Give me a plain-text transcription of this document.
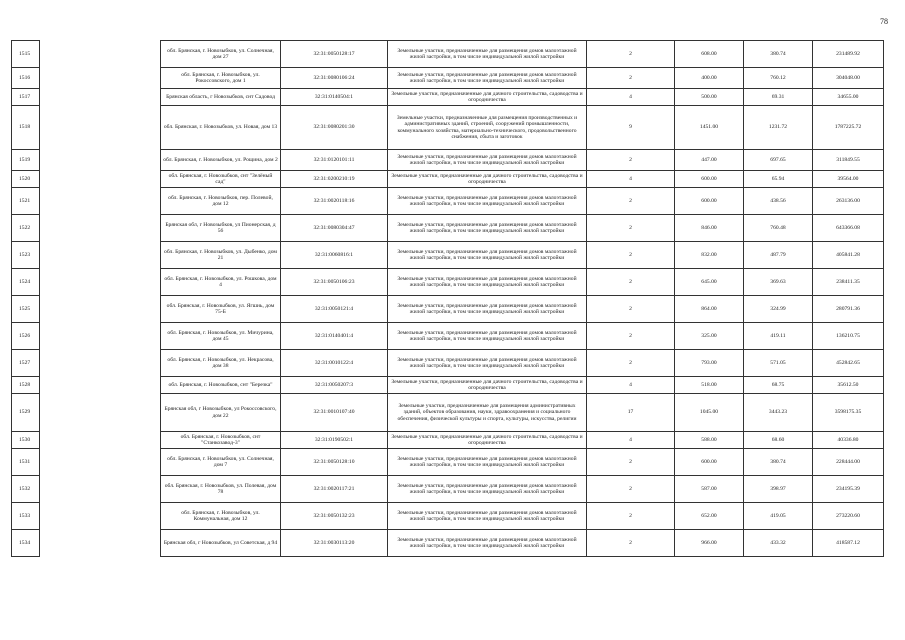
78
1515		обл. Брянская, г. Новозыбков, ул. Солнечная, дом 27	32:31:0050128:17	Земельные участки, предназначенные для размещения домов малоэтажной жилой застройки, в том числе индивидуальной жилой застройки	2	608.00	380.74	231489.92
1516		обл. Брянская, г. Новозыбков, ул. Рокоссовского, дом 1	32:31:0080106:24	Земельные участки, предназначенные для размещения домов малоэтажной жилой застройки, в том числе индивидуальной жилой застройки	2	400.00	760.12	304048.00
1517		Брянская область, г Новозыбков, снт Садовод	32:31:0140504:1	Земельные участки, предназначенные для дачного строительства, садоводства и огородничества	4	500.00	69.31	34655.00
1518		обл. Брянская, г. Новозыбков, ул. Новая, дом 13	32:31:0080201:30	Земельные участки, предназначенные для размещения производственных и административных зданий, строений, сооружений промышленности, коммунального хозяйства, материально-технического, продовольственного снабжения, сбыта и заготовок	9	1451.00	1231.72	1787225.72
1519		обл. Брянская, г. Новозыбков, ул. Рощина, дом 2	32:31:0120101:11	Земельные участки, предназначенные для размещения домов малоэтажной жилой застройки, в том числе индивидуальной жилой застройки	2	447.00	697.65	311849.55
1520		обл. Брянская, г. Новозыбков, снт "Зелёный сад"	32:31:0200210:19	Земельные участки, предназначенные для дачного строительства, садоводства и огородничества	4	600.00	65.94	39564.00
1521		обл. Брянская, г. Новозыбков, пер. Полевой, дом 12	32:31:0020118:16	Земельные участки, предназначенные для размещения домов малоэтажной жилой застройки, в том числе индивидуальной жилой застройки	2	600.00	438.56	263136.00
1522		Брянская обл, г Новозыбков, ул Пионерская, д 56	32:31:0080304:47	Земельные участки, предназначенные для размещения домов малоэтажной жилой застройки, в том числе индивидуальной жилой застройки	2	846.00	760.48	643366.08
1523		обл. Брянская, г. Новозыбков, ул. Дыбенко, дом 21	32:31:0060816:1	Земельные участки, предназначенные для размещения домов малоэтажной жилой застройки, в том числе индивидуальной жилой застройки	2	832.00	487.79	405841.28
1524		обл. Брянская, г. Новозыбков, ул. Рошкова, дом 4	32:31:0050106:23	Земельные участки, предназначенные для размещения домов малоэтажной жилой застройки, в том числе индивидуальной жилой застройки	2	645.00	369.63	238411.35
1525		обл. Брянская, г. Новозыбков, ул. Ягшиь, дом 75-Б	32:31:0050121:4	Земельные участки, предназначенные для размещения домов малоэтажной жилой застройки, в том числе индивидуальной жилой застройки	2	864.00	324.99	280791.36
1526		обл. Брянская, г. Новозыбков, ул. Мичурина, дом 45	32:31:0140401:4	Земельные участки, предназначенные для размещения домов малоэтажной жилой застройки, в том числе индивидуальной жилой застройки	2	325.00	419.11	136210.75
1527		обл. Брянская, г. Новозыбков, ул. Некрасова, дом 38	32:31:0010122:4	Земельные участки, предназначенные для размещения домов малоэтажной жилой застройки, в том числе индивидуальной жилой застройки	2	793.00	571.05	452842.65
1528		обл. Брянская, г. Новозыбков, снт "Березка"	32:31:0050207:3	Земельные участки, предназначенные для дачного строительства, садоводства и огородничества	4	518.00	68.75	35612.50
1529		Брянская обл, г Новозыбков, ул Рокоссовского, дом 22	32:31:0010107:40	Земельные участки, предназначенные для размещения административных зданий, объектов образования, науки, здравоохранения и социального обеспечения, физической культуры и спорта, культуры, искусства, религии	17	1045.00	3443.23	3598175.35
1530		обл. Брянская, г. Новозыбков, снт "Станкозавод-3"	32:31:0190502:1	Земельные участки, предназначенные для дачного строительства, садоводства и огородничества	4	588.00	68.60	40336.80
1531		обл. Брянская, г. Новозыбков, ул. Солнечная, дом 7	32:31:0050128:10	Земельные участки, предназначенные для размещения домов малоэтажной жилой застройки, в том числе индивидуальной жилой застройки	2	600.00	380.74	228444.00
1532		обл. Брянская, г. Новозыбков, ул. Полевая, дом 78	32:31:0020117:21	Земельные участки, предназначенные для размещения домов малоэтажной жилой застройки, в том числе индивидуальной жилой застройки	2	587.00	398.97	234195.39
1533		обл. Брянская, г. Новозыбков, ул. Коммунальная, дом 12	32:31:0050132:23	Земельные участки, предназначенные для размещения домов малоэтажной жилой застройки, в том числе индивидуальной жилой застройки	2	652.00	419.05	273220.60
1534		Брянская обл, г Новозыбков, ул Советская, д 94	32:31:0030113:20	Земельные участки, предназначенные для размещения домов малоэтажной жилой застройки, в том числе индивидуальной жилой застройки	2	966.00	433.32	418587.12
